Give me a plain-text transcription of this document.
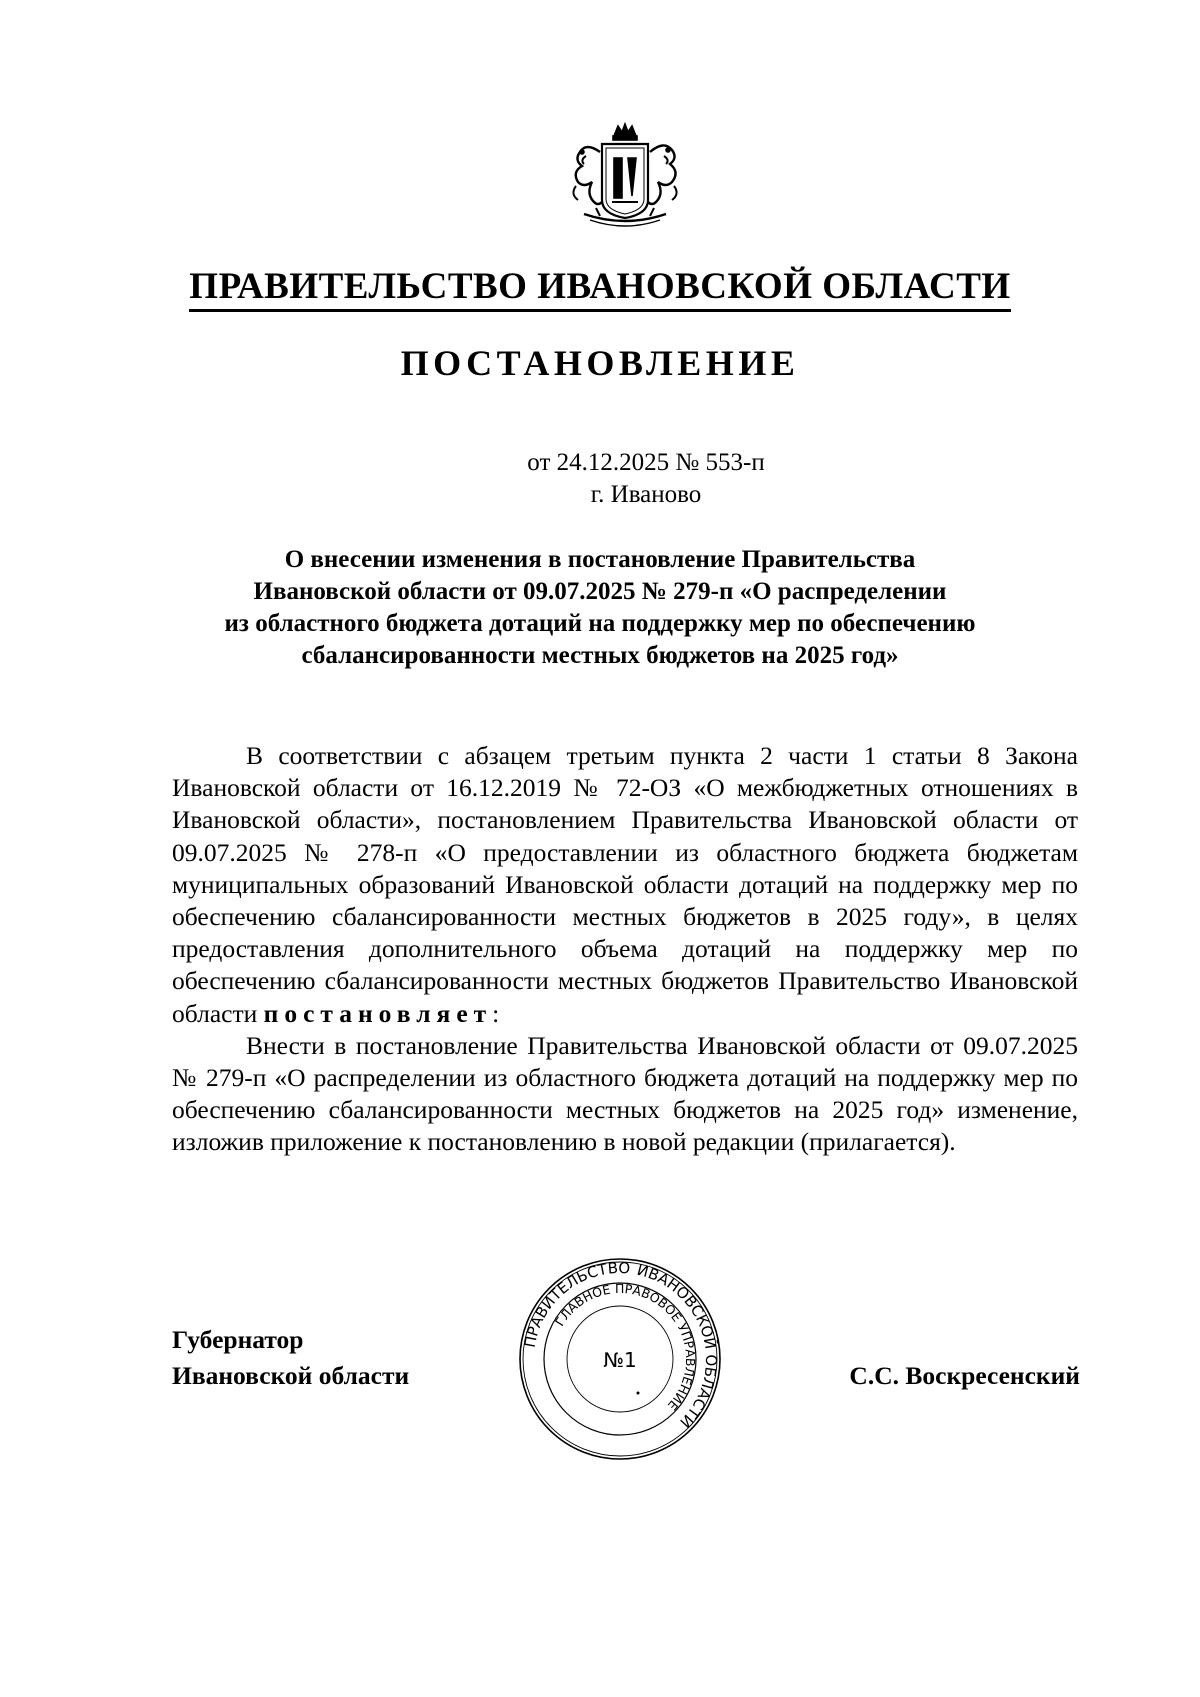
ПРАВИТЕЛЬСТВО ИВАНОВСКОЙ ОБЛАСТИ
ПОСТАНОВЛЕНИЕ
от 24.12.2025 № 553-п
г. Иваново
О внесении изменения в постановление Правительства
Ивановской области от 09.07.2025 № 279-п «О распределении
из областного бюджета дотаций на поддержку мер по обеспечению
сбалансированности местных бюджетов на 2025 год»

В соответствии с абзацем третьим пункта 2 части 1 статьи 8 Закона Ивановской области от 16.12.2019 № 72-ОЗ «О межбюджетных отношениях в Ивановской области», постановлением Правительства Ивановской области от 09.07.2025 № 278-п «О предоставлении из областного бюджета бюджетам муниципальных образований Ивановской области дотаций на поддержку мер по обеспечению сбалансированности местных бюджетов в 2025 году», в целях предоставления дополнительного объема дотаций на поддержку мер по обеспечению сбалансированности местных бюджетов Правительство Ивановской области постановляет:

Внести в постановление Правительства Ивановской области от 09.07.2025 № 279-п «О распределении из областного бюджета дотаций на поддержку мер по обеспечению сбалансированности местных бюджетов на 2025 год» изменение, изложив приложение к постановлению в новой редакции (прилагается).

Губернатор
Ивановской области
ПРАВИТЕЛЬСТВО ИВАНОВСКОЙ ОБЛАСТИ
ГЛАВНОЕ ПРАВОВОЕ УПРАВЛЕНИЕ
№1
С.С. Воскресенский
